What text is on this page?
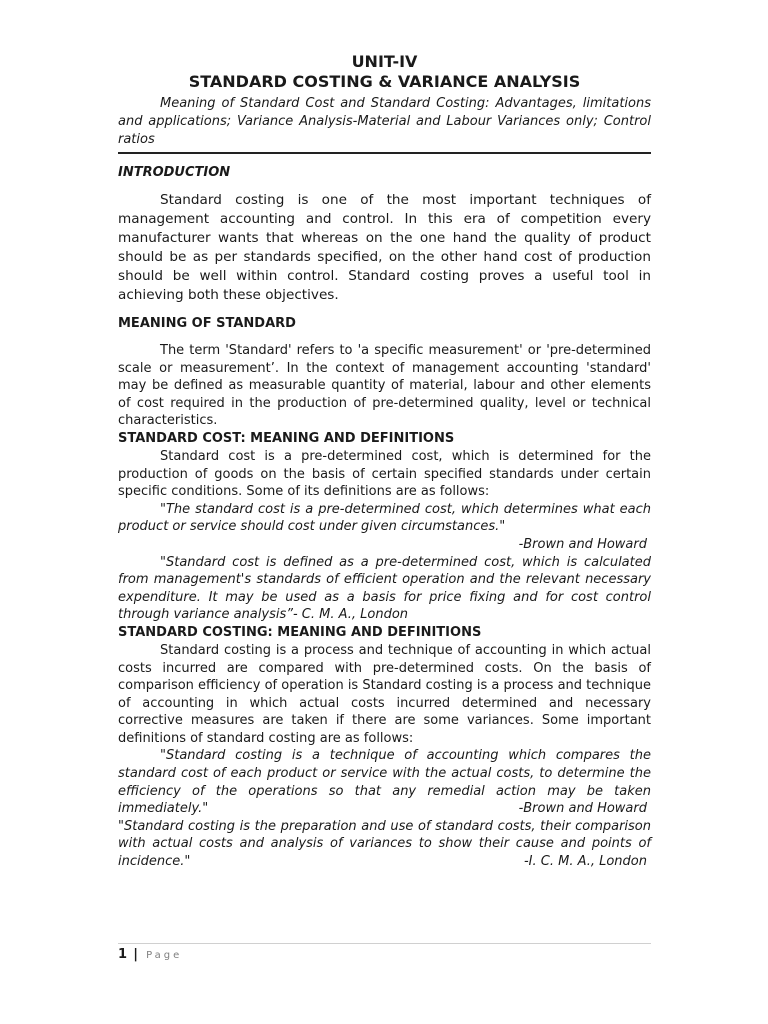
UNIT-IV
STANDARD COSTING & VARIANCE ANALYSIS

Meaning of Standard Cost and Standard Costing: Advantages, limitations and applications; Variance Analysis-Material and Labour Variances only; Control ratios

INTRODUCTION

Standard costing is one of the most important techniques of management accounting and control. In this era of competition every manufacturer wants that whereas on the one hand the quality of product should be as per standards specified, on the other hand cost of production should be well within control. Standard costing proves a useful tool in achieving both these objectives.

MEANING OF STANDARD

The term 'Standard' refers to 'a specific measurement' or 'pre-determined scale or measurement’. In the context of management accounting 'standard' may be defined as measurable quantity of material, labour and other elements of cost required in the production of pre-determined quality, level or technical characteristics.

STANDARD COST: MEANING AND DEFINITIONS

Standard cost is a pre-determined cost, which is determined for the production of goods on the basis of certain specified standards under certain specific conditions. Some of its definitions are as follows:

"The standard cost is a pre-determined cost, which determines what each product or service should cost under given circumstances."

-Brown and Howard

"Standard cost is defined as a pre-determined cost, which is calculated from management's standards of efficient operation and the relevant necessary expenditure. It may be used as a basis for price fixing and for cost control through variance analysis”- C. M. A., London

STANDARD COSTING: MEANING AND DEFINITIONS

Standard costing is a process and technique of accounting in which actual costs incurred are compared with pre-determined costs. On the basis of comparison efficiency of operation is Standard costing is a process and technique of accounting in which actual costs incurred determined and necessary corrective measures are taken if there are some variances. Some important definitions of standard costing are as follows:

"Standard costing is a technique of accounting which compares the standard cost of each product or service with the actual costs, to determine the efficiency of the operations so that any remedial action may be taken immediately."	-Brown and Howard

"Standard costing is the preparation and use of standard costs, their comparison with actual costs and analysis of variances to show their cause and points of incidence."	-I. C. M. A., London

1 | Page
